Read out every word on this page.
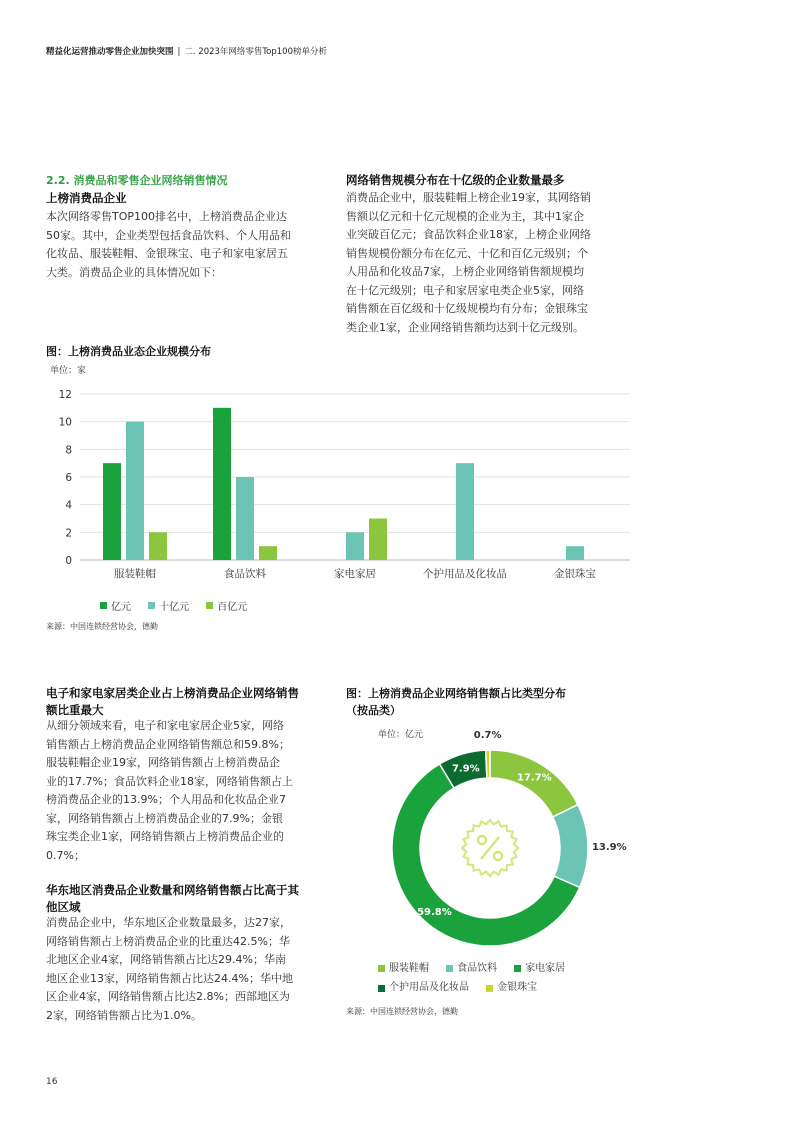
精益化运营推动零售企业加快突围 | 二. 2023年网络零售Top100榜单分析
2.2. 消费品和零售企业网络销售情况
上榜消费品企业
本次网络零售TOP100排名中，上榜消费品企业达
50家。其中，企业类型包括食品饮料、个人用品和
化妆品、服装鞋帽、金银珠宝、电子和家电家居五
大类。消费品企业的具体情况如下：
网络销售规模分布在十亿级的企业数量最多
消费品企业中，服装鞋帽上榜企业19家，其网络销
售额以亿元和十亿元规模的企业为主，其中1家企
业突破百亿元；食品饮料企业18家，上榜企业网络
销售规模份额分布在亿元、十亿和百亿元级别；个
人用品和化妆品7家，上榜企业网络销售额规模均
在十亿元级别；电子和家居家电类企业5家，网络
销售额在百亿级和十亿级规模均有分布；金银珠宝
类企业1家，企业网络销售额均达到十亿元级别。
图：上榜消费品业态企业规模分布
单位：家
0
2
4
6
8
10
12
服装鞋帽	食品饮料	家电家居	个护用品及化妆品	金银珠宝
亿元
	十亿元
	百亿元
来源：中国连锁经营协会，德勤
电子和家电家居类企业占上榜消费品企业网络销售
额比重最大
从细分领域来看，电子和家电家居企业5家，网络
销售额占上榜消费品企业网络销售额总和59.8%；
服装鞋帽企业19家，网络销售额占上榜消费品企
业的17.7%；食品饮料企业18家，网络销售额占上
榜消费品企业的13.9%；个人用品和化妆品企业7
家，网络销售额占上榜消费品企业的7.9%；金银
珠宝类企业1家，网络销售额占上榜消费品企业的
0.7%；
华东地区消费品企业数量和网络销售额占比高于其
他区域
消费品企业中，华东地区企业数量最多，达27家，
网络销售额占上榜消费品企业的比重达42.5%；华
北地区企业4家，网络销售额占比达29.4%；华南
地区企业13家，网络销售额占比达24.4%；华中地
区企业4家，网络销售额占比达2.8%；西部地区为
2家，网络销售额占比为1.0%。
图：上榜消费品企业网络销售额占比类型分布
（按品类）
单位：亿元
17.7%
13.9%
59.8%
7.9%
0.7%
服装鞋帽
	食品饮料
	家电家居

个护用品及化妆品
	金银珠宝
来源：中国连锁经营协会，德勤
16
